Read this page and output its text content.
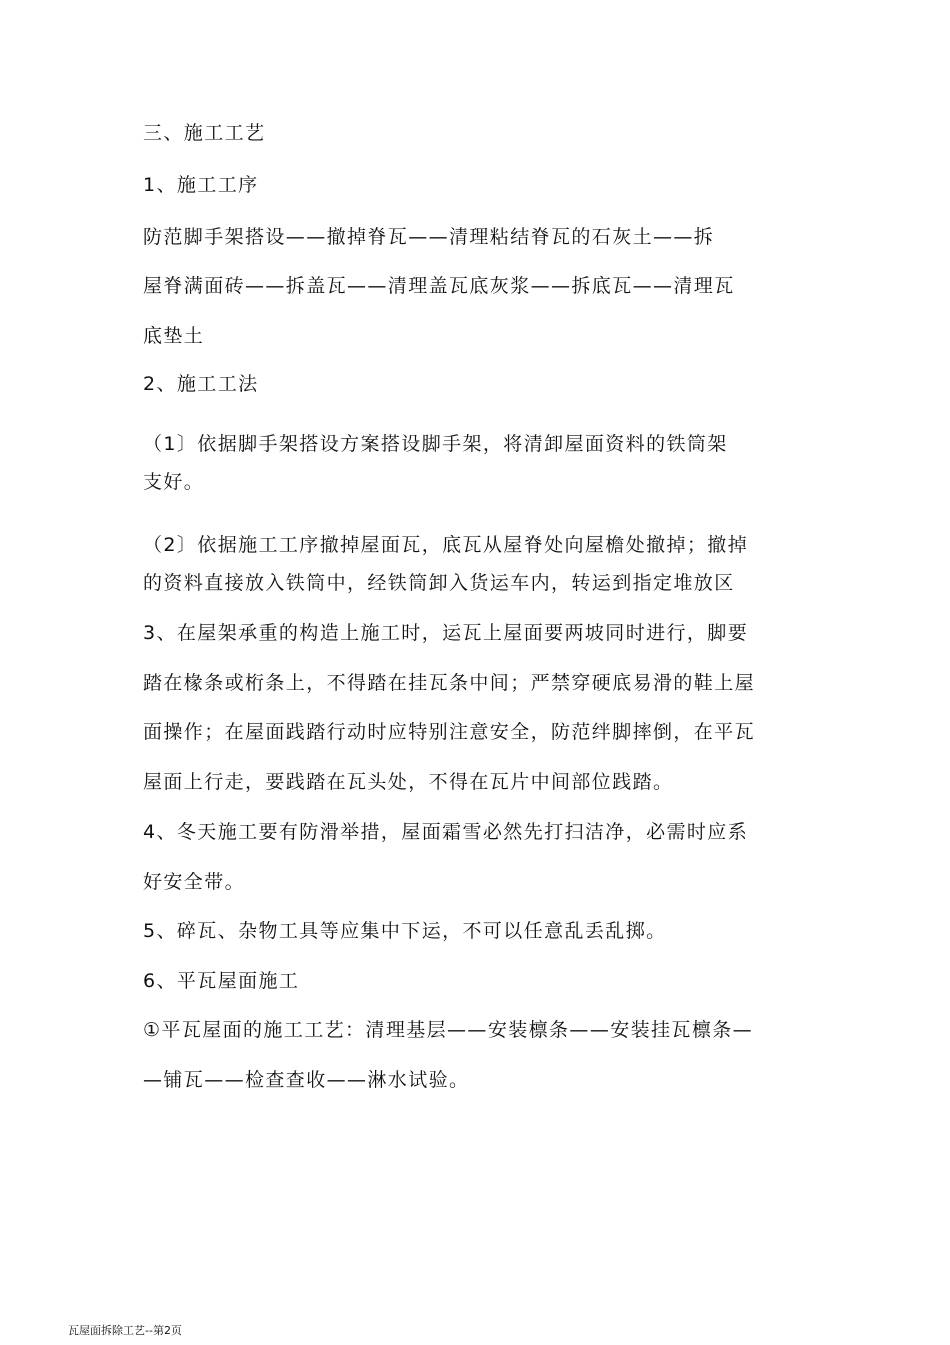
三、施工工艺

1、施工工序

防范脚手架搭设——撤掉脊瓦——清理粘结脊瓦的石灰土——拆

屋脊满面砖——拆盖瓦——清理盖瓦底灰浆——拆底瓦——清理瓦

底垫土

2、施工工法

（1〕依据脚手架搭设方案搭设脚手架，将清卸屋面资料的铁筒架

支好。

（2〕依据施工工序撤掉屋面瓦，底瓦从屋脊处向屋檐处撤掉；撤掉

的资料直接放入铁筒中，经铁筒卸入货运车内，转运到指定堆放区

3、在屋架承重的构造上施工时，运瓦上屋面要两坡同时进行，脚要

踏在椽条或桁条上，不得踏在挂瓦条中间；严禁穿硬底易滑的鞋上屋

面操作；在屋面践踏行动时应特别注意安全，防范绊脚摔倒，在平瓦

屋面上行走，要践踏在瓦头处，不得在瓦片中间部位践踏。

4、冬天施工要有防滑举措，屋面霜雪必然先打扫洁净，必需时应系

好安全带。

5、碎瓦、杂物工具等应集中下运，不可以任意乱丢乱掷。

6、平瓦屋面施工

①平瓦屋面的施工工艺：清理基层——安装檩条——安装挂瓦檩条—

—铺瓦——检查查收——淋水试验。

瓦屋面拆除工艺--第2页
